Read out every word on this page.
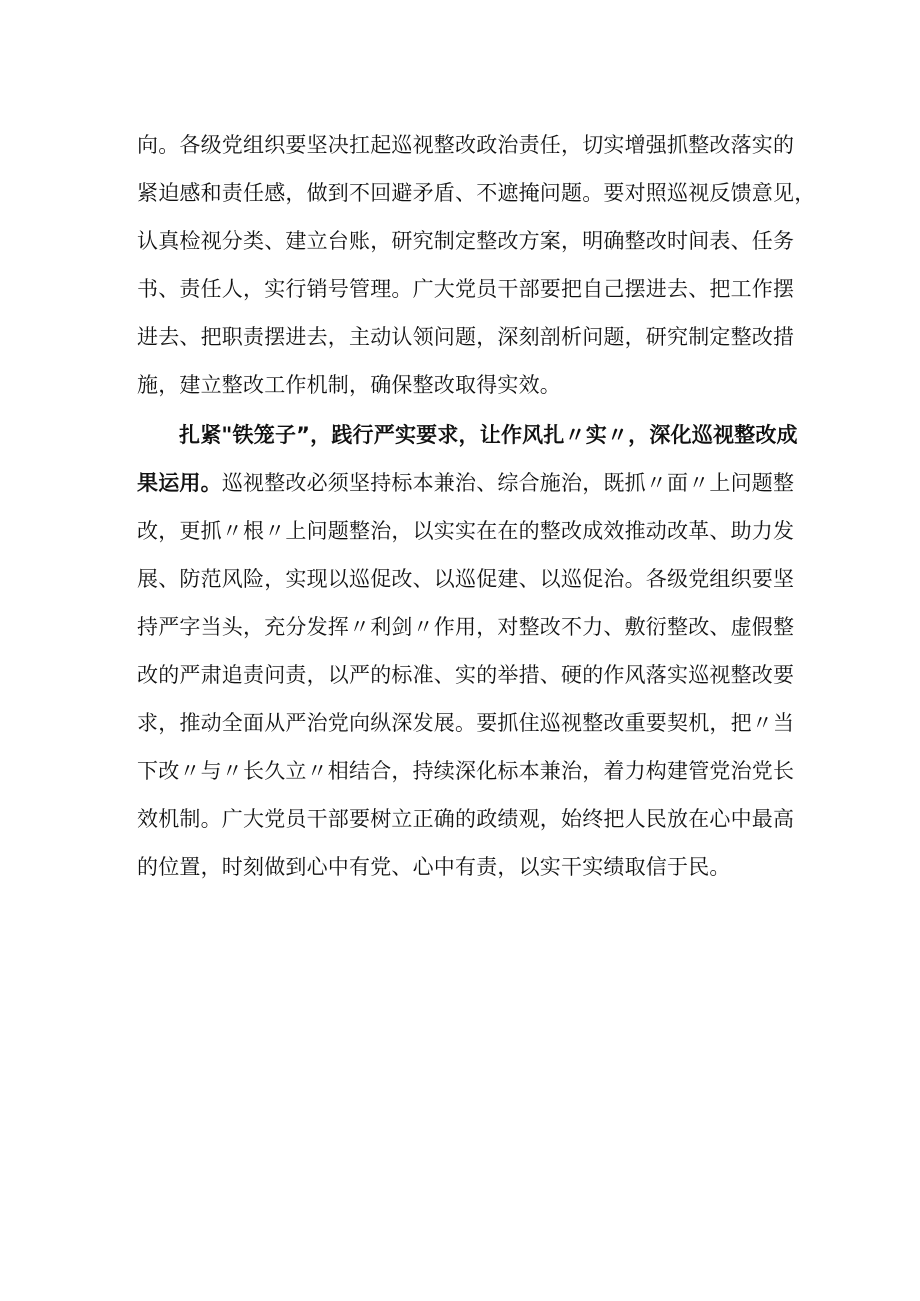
向。各级党组织要坚决扛起巡视整改政治责任，切实增强抓整改落实的
紧迫感和责任感，做到不回避矛盾、不遮掩问题。要对照巡视反馈意见，
认真检视分类、建立台账，研究制定整改方案，明确整改时间表、任务
书、责任人，实行销号管理。广大党员干部要把自己摆进去、把工作摆
进去、把职责摆进去，主动认领问题，深刻剖析问题，研究制定整改措
施，建立整改工作机制，确保整改取得实效。
扎紧"铁笼子”，践行严实要求，让作风扎〃实〃，深化巡视整改成
果运用。巡视整改必须坚持标本兼治、综合施治，既抓〃面〃上问题整
改，更抓〃根〃上问题整治，以实实在在的整改成效推动改革、助力发
展、防范风险，实现以巡促改、以巡促建、以巡促治。各级党组织要坚
持严字当头，充分发挥〃利剑〃作用，对整改不力、敷衍整改、虚假整
改的严肃追责问责，以严的标准、实的举措、硬的作风落实巡视整改要
求，推动全面从严治党向纵深发展。要抓住巡视整改重要契机，把〃当
下改〃与〃长久立〃相结合，持续深化标本兼治，着力构建管党治党长
效机制。广大党员干部要树立正确的政绩观，始终把人民放在心中最高
的位置，时刻做到心中有党、心中有责，以实干实绩取信于民。
